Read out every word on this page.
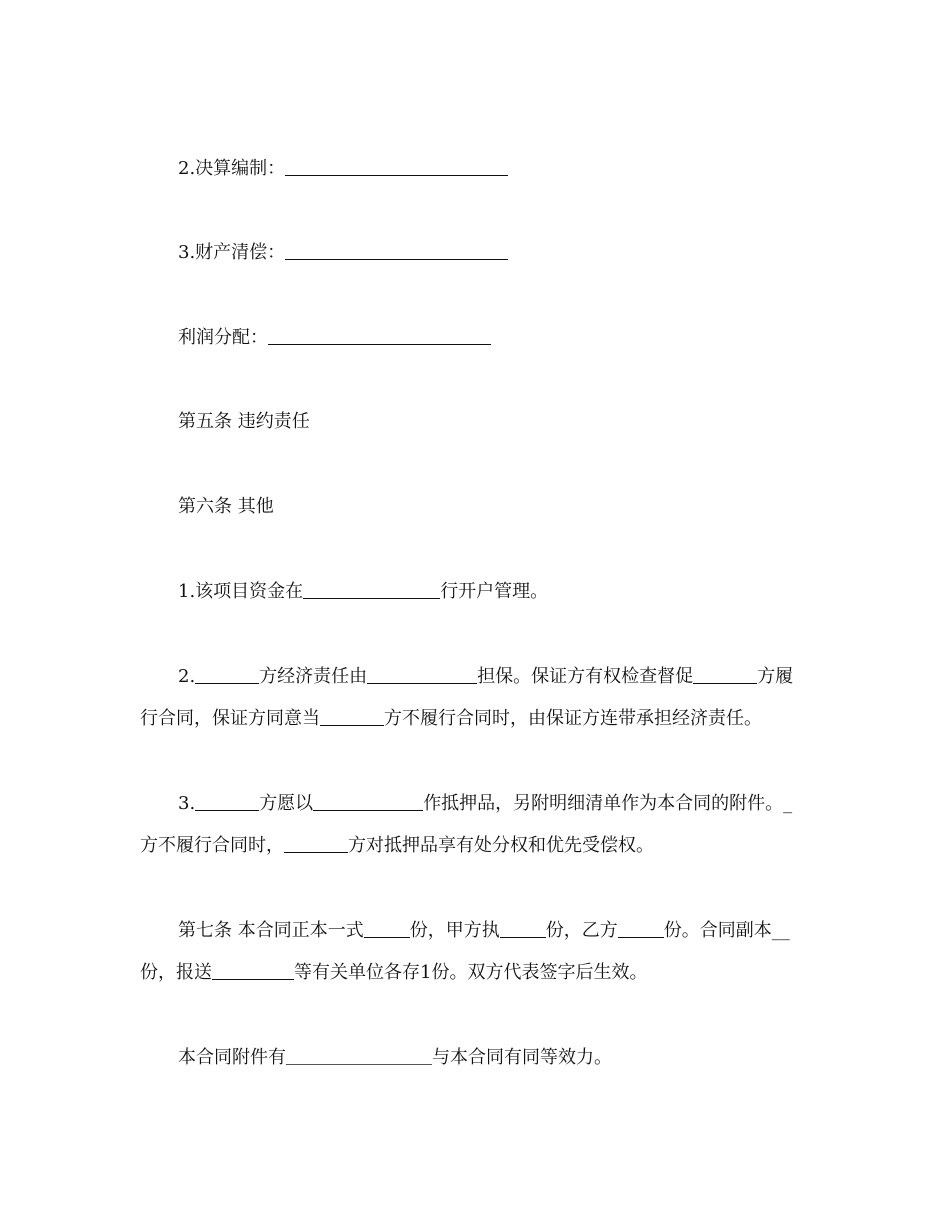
2.决算编制：
3.财产清偿：
利润分配：
第五条 违约责任
第六条 其他
1.该项目资金在	行开户管理。
2.	方经济责任由	担保。保证方有权检查督促	方履
行合同，保证方同意当	方不履行合同时，由保证方连带承担经济责任。
3.	方愿以	作抵押品，另附明细清单作为本合同的附件。_
方不履行合同时，	方对抵押品享有处分权和优先受偿权。
第七条 本合同正本一式	份，甲方执	份，乙方	份。合同副本__
份，报送	等有关单位各存1份。双方代表签字后生效。
本合同附件有	与本合同有同等效力。
